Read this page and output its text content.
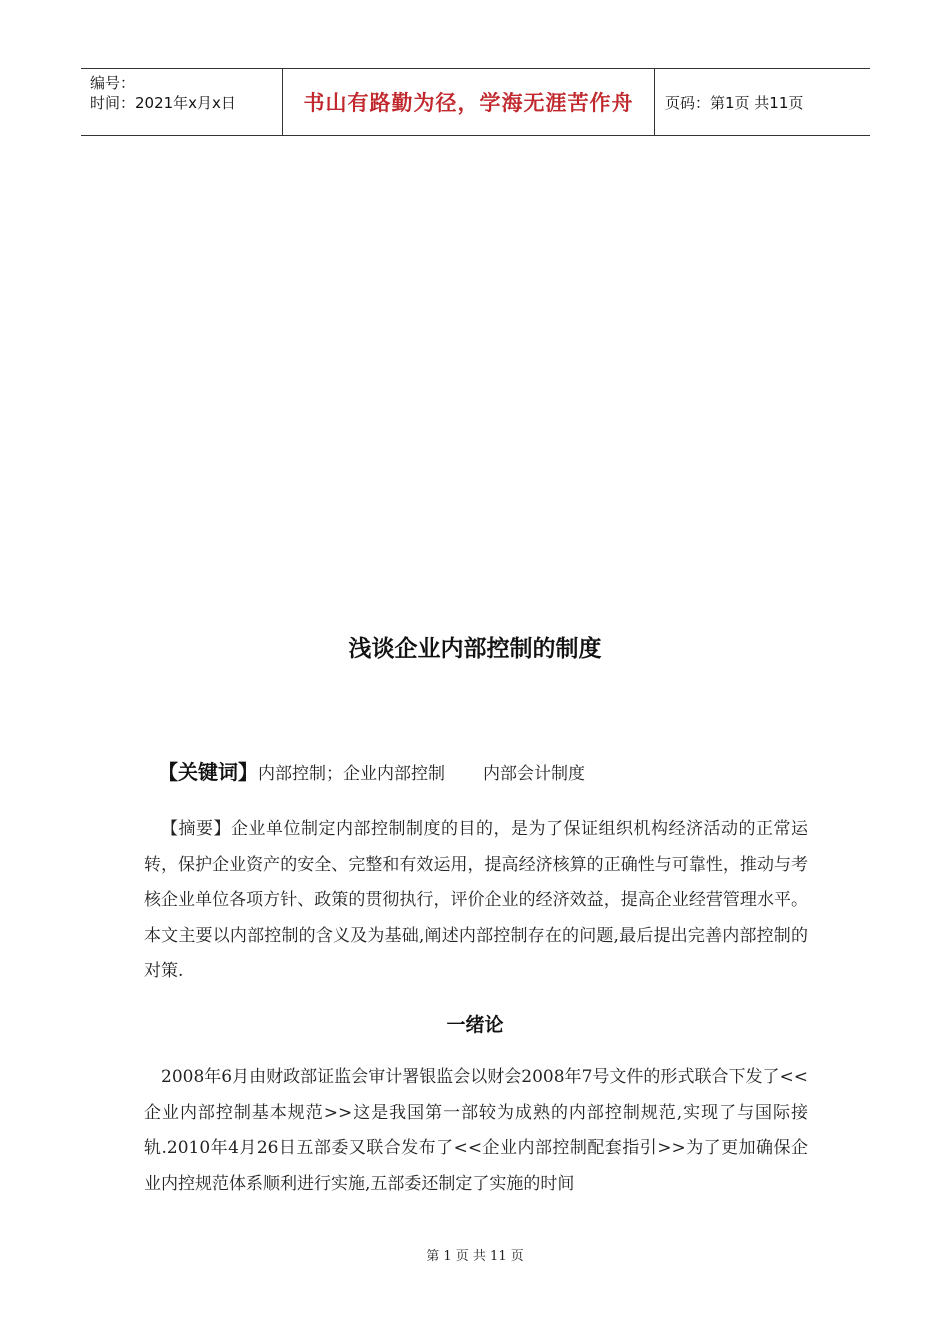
编号：
时间：2021年x月x日	书山有路勤为径，学海无涯苦作舟	页码：第1页 共11页
浅谈企业内部控制的制度
【关键词】内部控制；企业内部控制 内部会计制度

【摘要】企业单位制定内部控制制度的目的，是为了保证组织机构经济活动的正常运转，保护企业资产的安全、完整和有效运用，提高经济核算的正确性与可靠性，推动与考核企业单位各项方针、政策的贯彻执行，评价企业的经济效益，提高企业经营管理水平。本文主要以内部控制的含义及为基础,阐述内部控制存在的问题,最后提出完善内部控制的对策.

一绪论

2008年6月由财政部证监会审计署银监会以财会2008年7号文件的形式联合下发了<<企业内部控制基本规范>>这是我国第一部较为成熟的内部控制规范,实现了与国际接轨.2010年4月26日五部委又联合发布了<<企业内部控制配套指引>>为了更加确保企业内控规范体系顺利进行实施,五部委还制定了实施的时间

第 1 页 共 11 页
